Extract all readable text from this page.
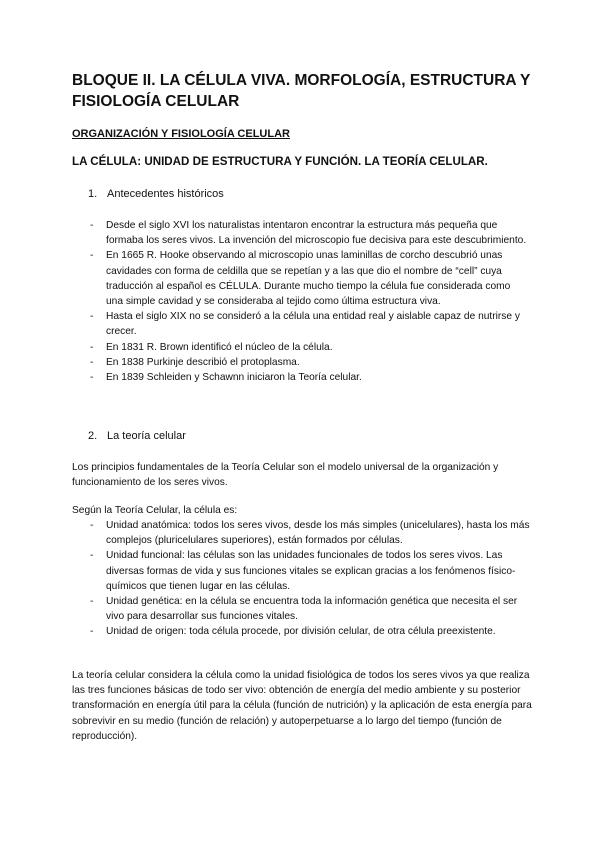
BLOQUE II. LA CÉLULA VIVA. MORFOLOGÍA, ESTRUCTURA Y FISIOLOGÍA CELULAR
ORGANIZACIÓN Y FISIOLOGÍA CELULAR
LA CÉLULA: UNIDAD DE ESTRUCTURA Y FUNCIÓN. LA TEORÍA CELULAR.

1. Antecedentes históricos

- Desde el siglo XVI los naturalistas intentaron encontrar la estructura más pequeña que formaba los seres vivos. La invención del microscopio fue decisiva para este descubrimiento.
- En 1665 R. Hooke observando al microscopio unas laminillas de corcho descubrió unas cavidades con forma de celdilla que se repetían y a las que dio el nombre de “cell” cuya traducción al español es CÉLULA. Durante mucho tiempo la célula fue considerada como una simple cavidad y se consideraba al tejido como última estructura viva.
- Hasta el siglo XIX no se consideró a la célula una entidad real y aislable capaz de nutrirse y crecer.
- En 1831 R. Brown identificó el núcleo de la célula.
- En 1838 Purkinje describió el protoplasma.
- En 1839 Schleiden y Schawnn iniciaron la Teoría celular.

2. La teoría celular

Los principios fundamentales de la Teoría Celular son el modelo universal de la organización y funcionamiento de los seres vivos.

Según la Teoría Celular, la célula es:

- Unidad anatómica: todos los seres vivos, desde los más simples (unicelulares), hasta los más complejos (pluricelulares superiores), están formados por células.
- Unidad funcional: las células son las unidades funcionales de todos los seres vivos. Las diversas formas de vida y sus funciones vitales se explican gracias a los fenómenos físico-químicos que tienen lugar en las células.
- Unidad genética: en la célula se encuentra toda la información genética que necesita el ser vivo para desarrollar sus funciones vitales.
- Unidad de origen: toda célula procede, por división celular, de otra célula preexistente.

La teoría celular considera la célula como la unidad fisiológica de todos los seres vivos ya que realiza las tres funciones básicas de todo ser vivo: obtención de energía del medio ambiente y su posterior transformación en energía útil para la célula (función de nutrición) y la aplicación de esta energía para sobrevivir en su medio (función de relación) y autoperpetuarse a lo largo del tiempo (función de reproducción).
